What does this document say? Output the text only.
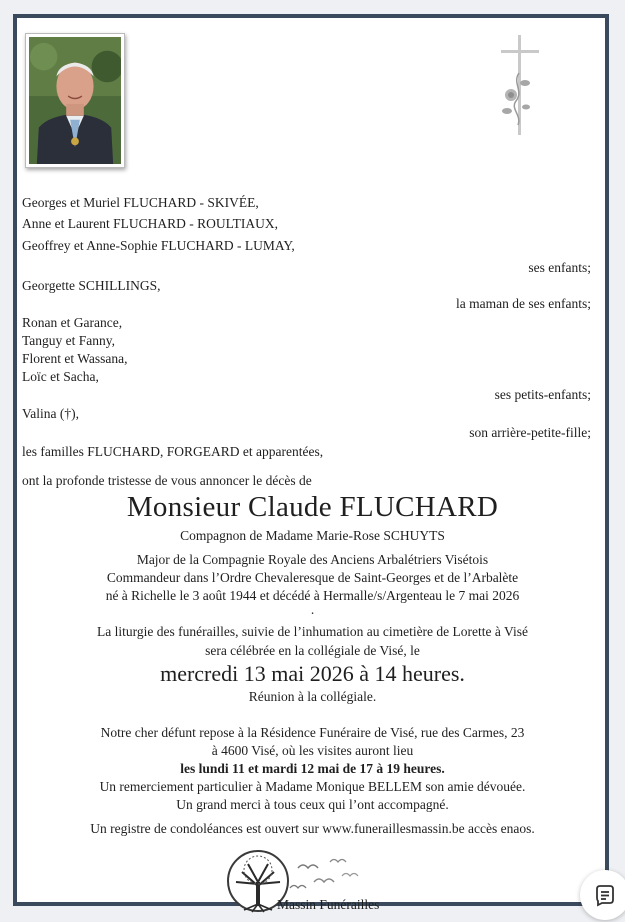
Georges et Muriel FLUCHARD - SKIVÉE,
Anne et Laurent FLUCHARD - ROULTIAUX,
Geoffrey et Anne-Sophie FLUCHARD - LUMAY,
ses enfants;
Georgette SCHILLINGS,
la maman de ses enfants;
Ronan et Garance,
Tanguy et Fanny,
Florent et Wassana,
Loïc et Sacha,
ses petits-enfants;
Valina (†),
son arrière-petite-fille;
les familles FLUCHARD, FORGEARD et apparentées,
ont la profonde tristesse de vous annoncer le décès de
Monsieur Claude FLUCHARD
Compagnon de Madame Marie-Rose SCHUYTS
Major de la Compagnie Royale des Anciens Arbalétriers Visétois
Commandeur dans l’Ordre Chevaleresque de Saint-Georges et de l’Arbalète
né à Richelle le 3 août 1944 et décédé à Hermalle/s/Argenteau le 7 mai 2026
.
La liturgie des funérailles, suivie de l’inhumation au cimetière de Lorette à Visé
sera célébrée en la collégiale de Visé, le
mercredi 13 mai 2026 à 14 heures.
Réunion à la collégiale.
Notre cher défunt repose à la Résidence Funéraire de Visé, rue des Carmes, 23
à 4600 Visé, où les visites auront lieu
les lundi 11 et mardi 12 mai de 17 à 19 heures.
Un remerciement particulier à Madame Monique BELLEM son amie dévouée.
Un grand merci à tous ceux qui l’ont accompagné.
Un registre de condoléances est ouvert sur www.funeraillesmassin.be accès enaos.
Massin Funérailles
